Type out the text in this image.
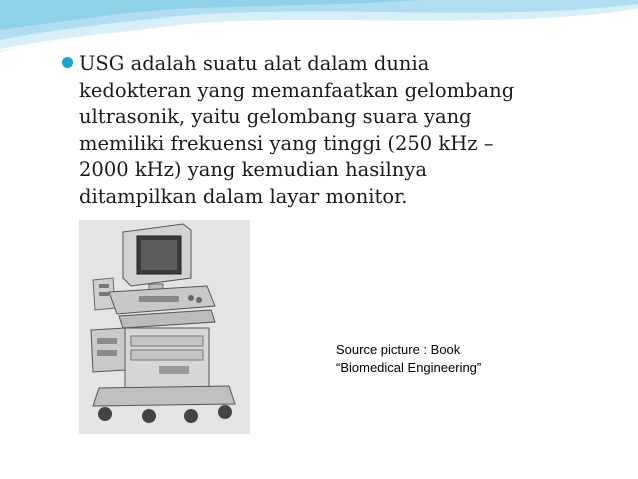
USG adalah suatu alat dalam dunia kedokteran yang memanfaatkan gelombang ultrasonik, yaitu gelombang suara yang memiliki frekuensi yang tinggi (250 kHz – 2000 kHz) yang kemudian hasilnya ditampilkan dalam layar monitor.

Source picture : Book
“Biomedical Engineering”
